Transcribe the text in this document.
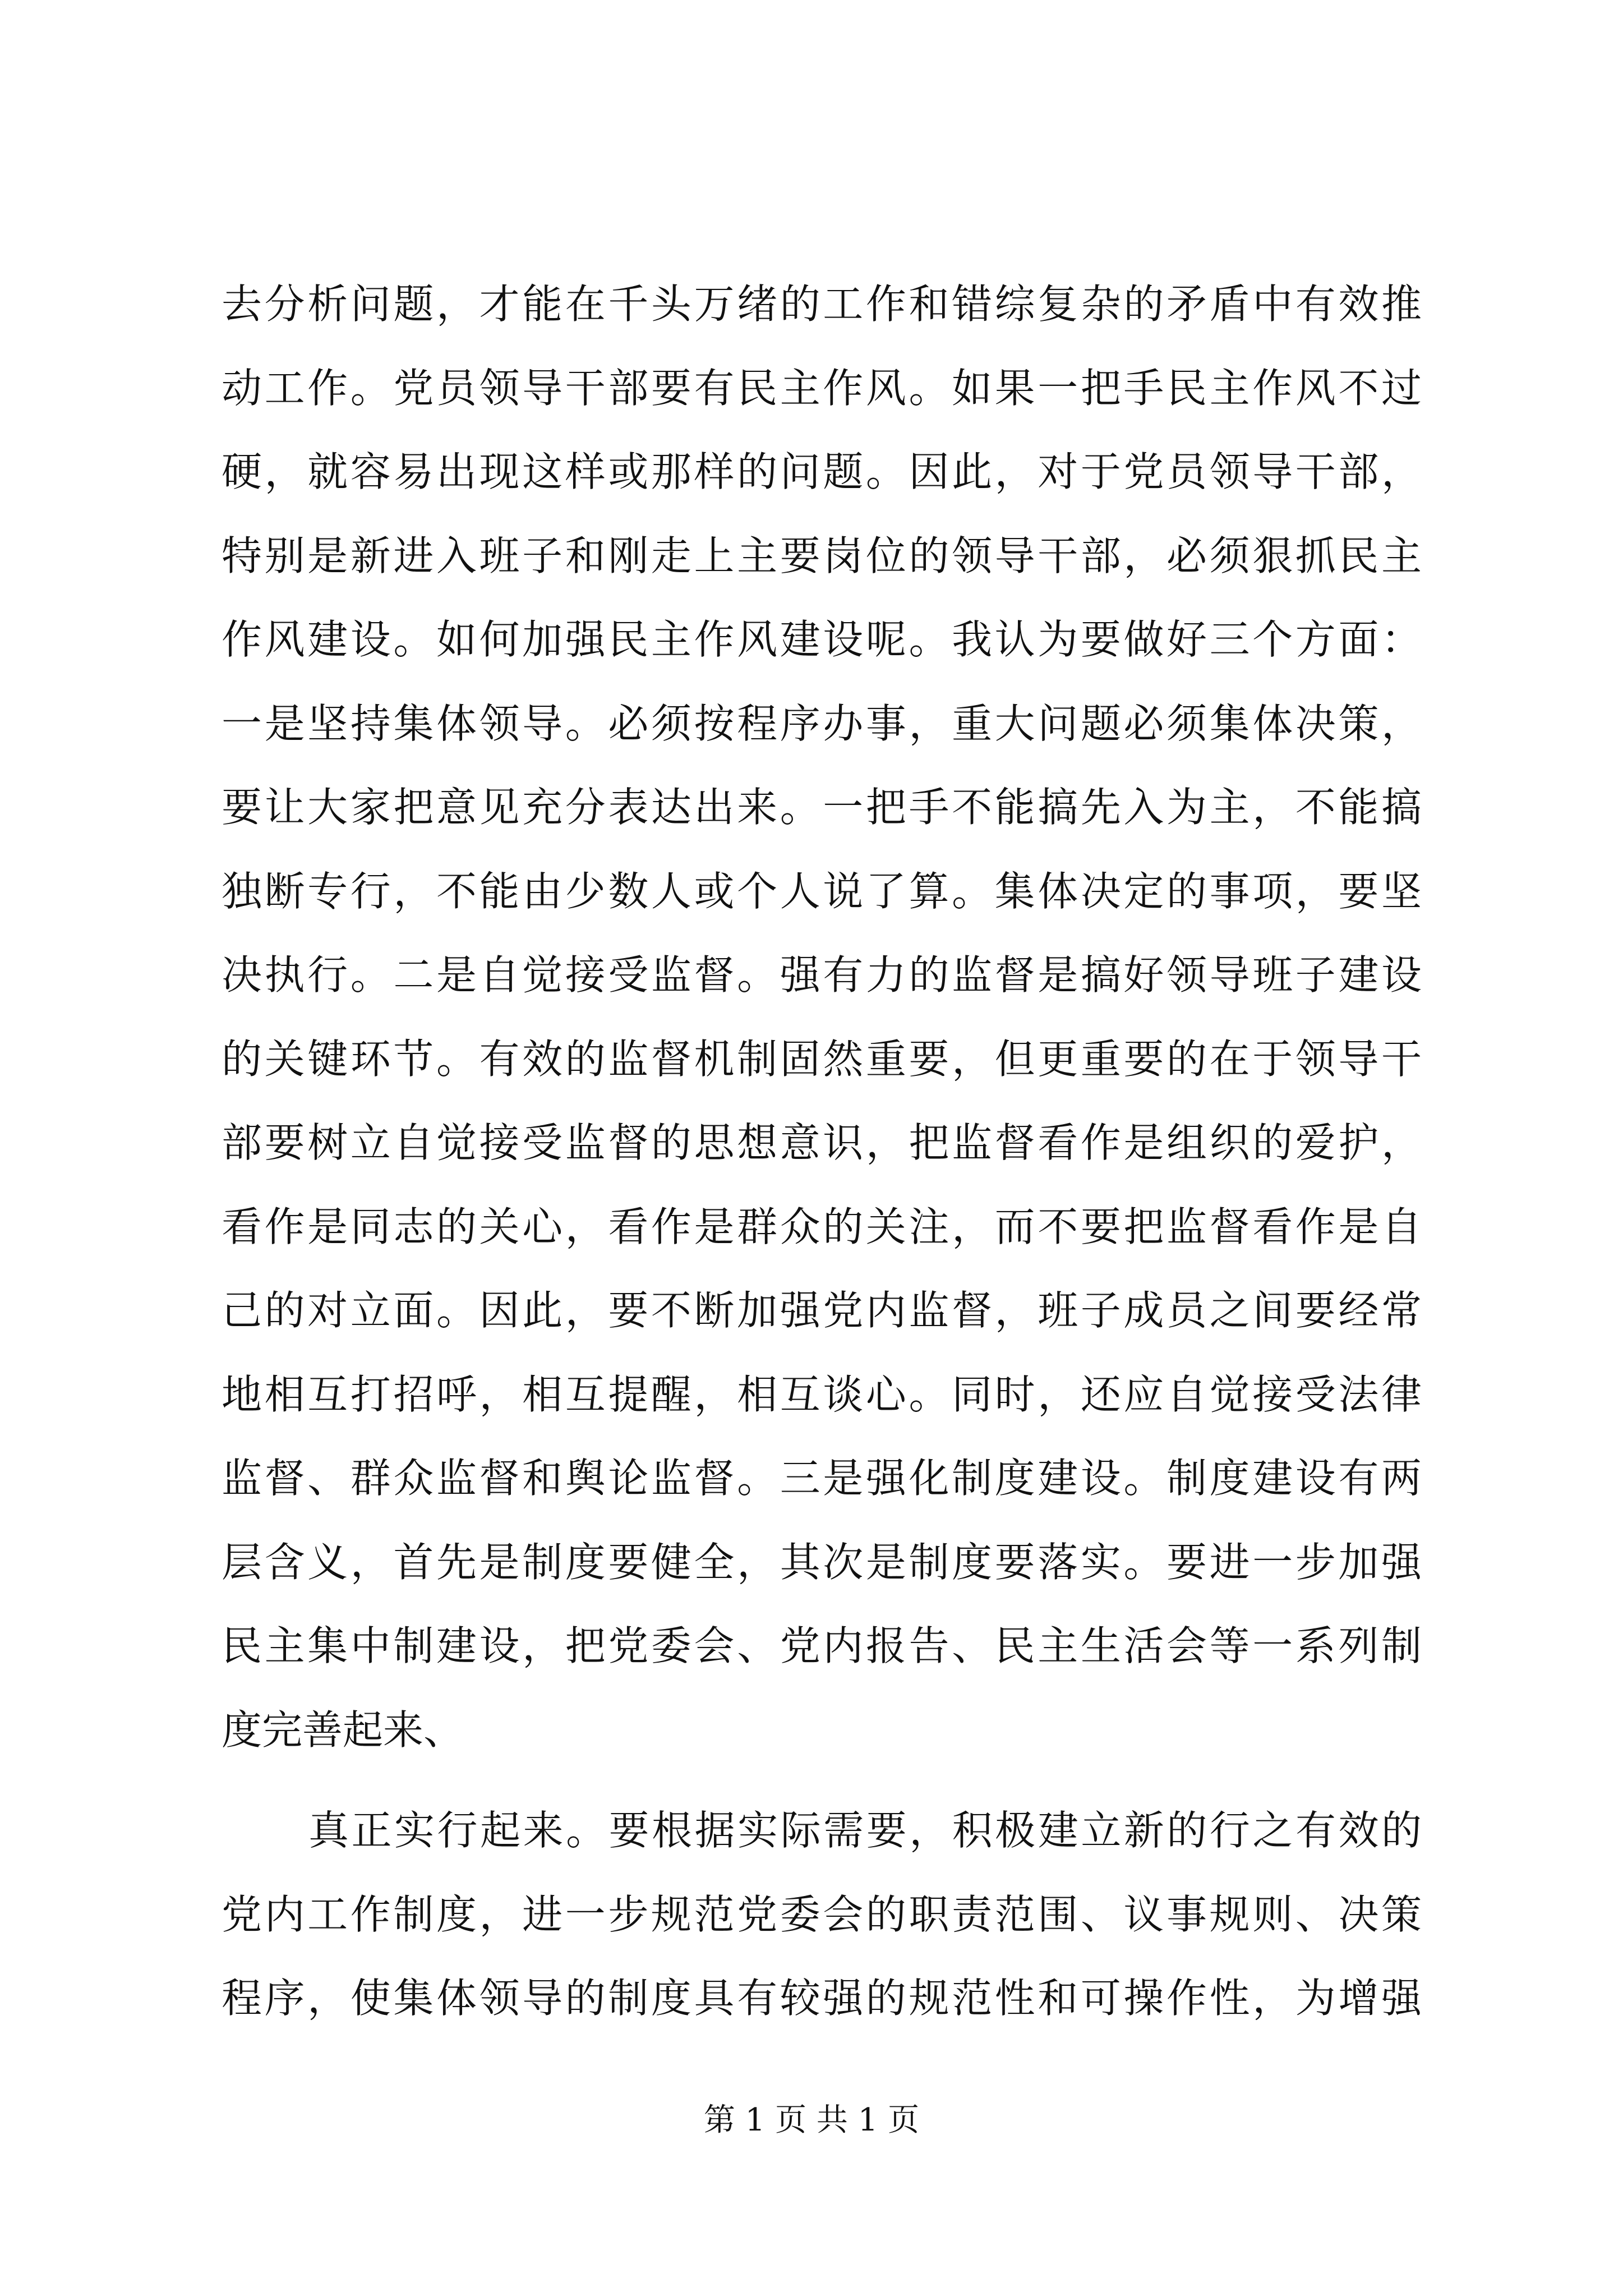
去分析问题，才能在千头万绪的工作和错综复杂的矛盾中有效推
动工作。党员领导干部要有民主作风。如果一把手民主作风不过
硬，就容易出现这样或那样的问题。因此，对于党员领导干部，
特别是新进入班子和刚走上主要岗位的领导干部，必须狠抓民主
作风建设。如何加强民主作风建设呢。我认为要做好三个方面：
一是坚持集体领导。必须按程序办事，重大问题必须集体决策，
要让大家把意见充分表达出来。一把手不能搞先入为主，不能搞
独断专行，不能由少数人或个人说了算。集体决定的事项，要坚
决执行。二是自觉接受监督。强有力的监督是搞好领导班子建设
的关键环节。有效的监督机制固然重要，但更重要的在于领导干
部要树立自觉接受监督的思想意识，把监督看作是组织的爱护，
看作是同志的关心，看作是群众的关注，而不要把监督看作是自
己的对立面。因此，要不断加强党内监督，班子成员之间要经常
地相互打招呼，相互提醒，相互谈心。同时，还应自觉接受法律
监督、群众监督和舆论监督。三是强化制度建设。制度建设有两
层含义，首先是制度要健全，其次是制度要落实。要进一步加强
民主集中制建设，把党委会、党内报告、民主生活会等一系列制
度完善起来、
真正实行起来。要根据实际需要，积极建立新的行之有效的
党内工作制度，进一步规范党委会的职责范围、议事规则、决策
程序，使集体领导的制度具有较强的规范性和可操作性，为增强
第 1 页 共 1 页
